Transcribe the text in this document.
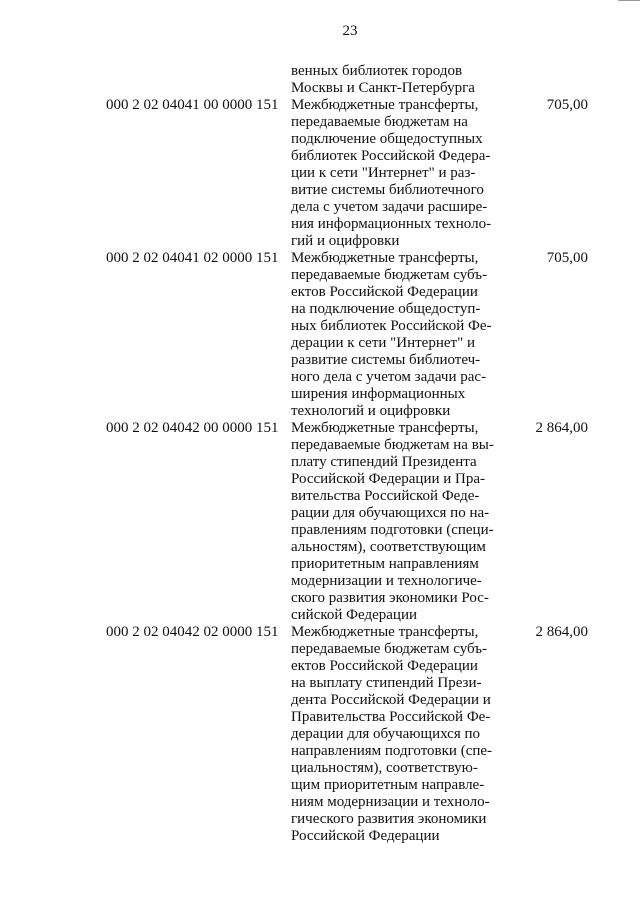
23
венных библиотек городов
Москвы и Санкт-Петербурга
000 2 02 04041 00 0000 151 Межбюджетные трансферты,
передаваемые бюджетам на
подключение общедоступных
библиотек Российской Федера-
ции к сети "Интернет" и раз-
витие системы библиотечного
дела с учетом задачи расшире-
ния информационных техноло-
гий и оцифровки
705,00
000 2 02 04041 02 0000 151 Межбюджетные трансферты,
передаваемые бюджетам субъ-
ектов Российской Федерации
на подключение общедоступ-
ных библиотек Российской Фе-
дерации к сети "Интернет" и
развитие системы библиотеч-
ного дела с учетом задачи рас-
ширения информационных
технологий и оцифровки
705,00
000 2 02 04042 00 0000 151 Межбюджетные трансферты,
передаваемые бюджетам на вы-
плату стипендий Президента
Российской Федерации и Пра-
вительства Российской Феде-
рации для обучающихся по на-
правлениям подготовки (специ-
альностям), соответствующим
приоритетным направлениям
модернизации и технологиче-
ского развития экономики Рос-
сийской Федерации
2 864,00
000 2 02 04042 02 0000 151 Межбюджетные трансферты,
передаваемые бюджетам субъ-
ектов Российской Федерации
на выплату стипендий Прези-
дента Российской Федерации и
Правительства Российской Фе-
дерации для обучающихся по
направлениям подготовки (спе-
циальностям), соответствую-
щим приоритетным направле-
ниям модернизации и техноло-
гического развития экономики
Российской Федерации
2 864,00
